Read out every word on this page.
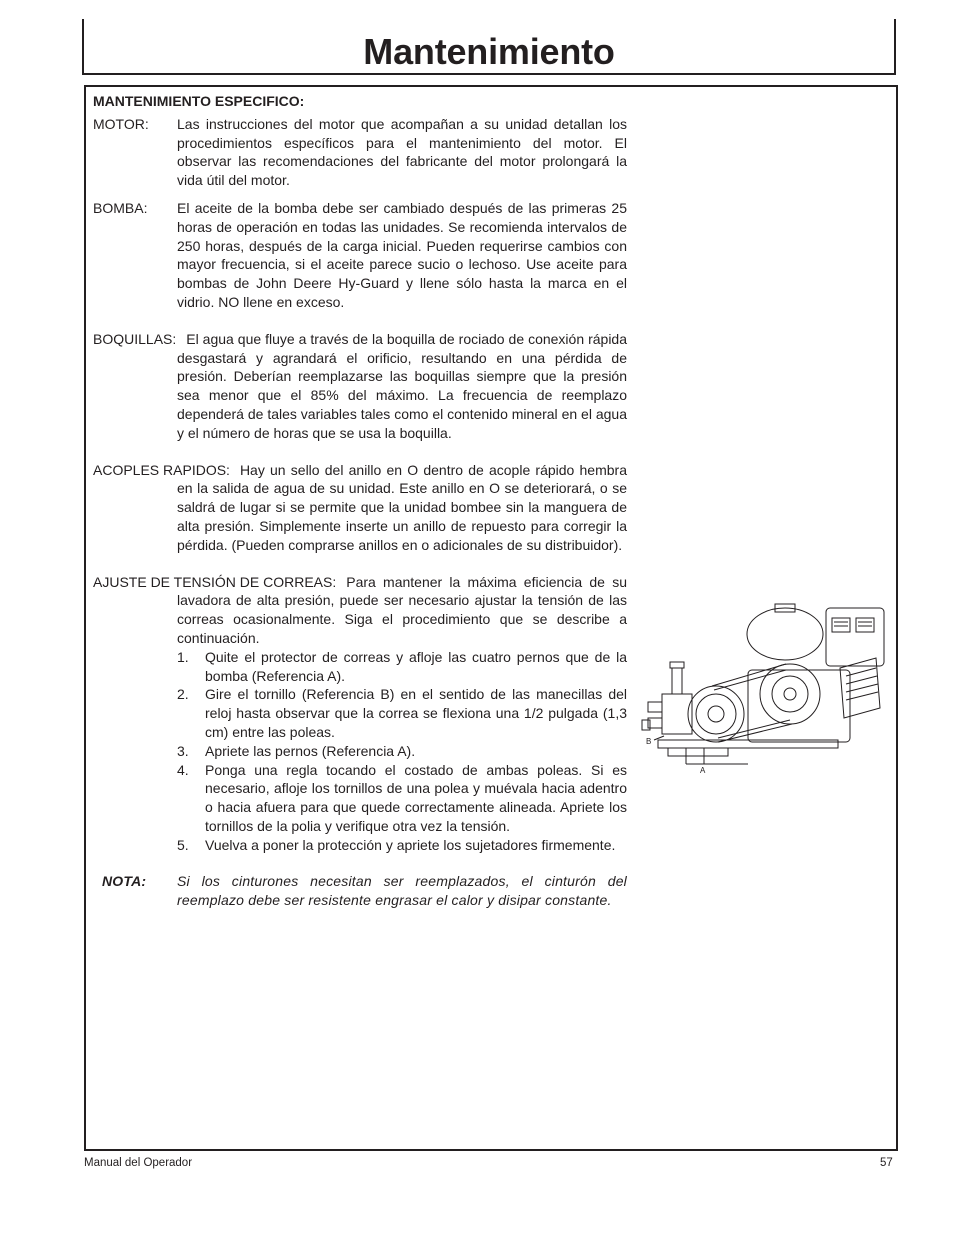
Mantenimiento

MANTENIMIENTO ESPECIFICO:

MOTOR: Las instrucciones del motor que acompañan a su unidad detallan los procedimientos específicos para el mantenimiento del motor. El observar las recomendaciones del fabricante del motor prolongará la vida útil del motor.

BOMBA: El aceite de la bomba debe ser cambiado después de las primeras 25 horas de operación en todas las unidades. Se recomienda intervalos de 250 horas, después de la carga inicial. Pueden requerirse cambios con mayor frecuencia, si el aceite parece sucio o lechoso. Use aceite para bombas de John Deere Hy-Guard y llene sólo hasta la marca en el vidrio. NO llene en exceso.

BOQUILLAS: El agua que fluye a través de la boquilla de rociado de conexión rápida desgastará y agrandará el orificio, resultando en una pérdida de presión. Deberían reemplazarse las boquillas siempre que la presión sea menor que el 85% del máximo. La frecuencia de reemplazo dependerá de tales variables tales como el contenido mineral en el agua y el número de horas que se usa la boquilla.

ACOPLES RAPIDOS: Hay un sello del anillo en O dentro de acople rápido hembra en la salida de agua de su unidad. Este anillo en O se deteriorará, o se saldrá de lugar si se permite que la unidad bombee sin la manguera de alta presión. Simplemente inserte un anillo de repuesto para corregir la pérdida. (Pueden comprarse anillos en o adicionales de su distribuidor).

AJUSTE DE TENSIÓN DE CORREAS: Para mantener la máxima eficiencia de su lavadora de alta presión, puede ser necesario ajustar la tensión de las correas ocasionalmente. Siga el procedimiento que se describe a continuación.

1. Quite el protector de correas y afloje las cuatro pernos que de la bomba (Referencia A).
2. Gire el tornillo (Referencia B) en el sentido de las manecillas del reloj hasta observar que la correa se flexiona una 1/2 pulgada (1,3 cm) entre las poleas.
3. Apriete las pernos (Referencia A).
4. Ponga una regla tocando el costado de ambas poleas. Si es necesario, afloje los tornillos de una polea y muévala hacia adentro o hacia afuera para que quede correctamente alineada. Apriete los tornillos de la polia y verifique otra vez la tensión.
5. Vuelva a poner la protección y apriete los sujetadores firmemente.

NOTA: Si los cinturones necesitan ser reemplazados, el cinturón del reemplazo debe ser resistente engrasar el calor y disipar constante.

B
A
Manual del Operador	57
